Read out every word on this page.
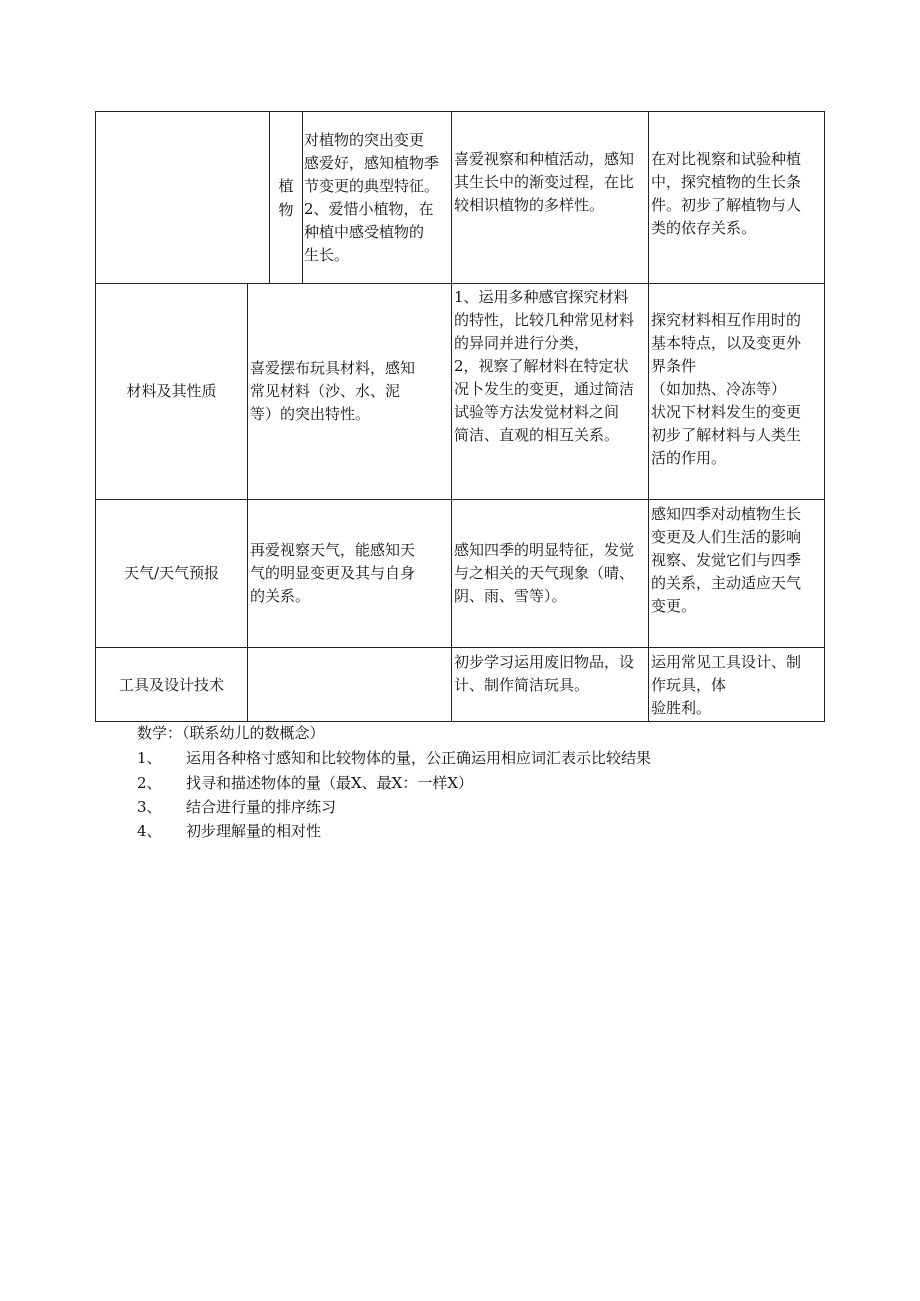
植
物
对植物的突出变更
感爱好，感知植物季
节变更的典型特征。
2、爱惜小植物，在
种植中感受植物的
生长。
喜爱视察和种植活动，感知
其生长中的渐变过程，在比
较相识植物的多样性。
在对比视察和试验种植
中，探究植物的生长条
件。初步了解植物与人
类的依存关系。
材料及其性质
喜爱摆布玩具材料，感知
常见材料（沙、水、泥
等）的突出特性。
1、运用多种感官探究材料
的特性，比较几种常见材料
的异同并进行分类，
2，视察了解材料在特定状
况卜发生的变更，通过简洁
试验等方法发觉材料之间
简洁、直观的相互关系。
探究材料相互作用时的
基本特点，以及变更外
界条件
（如加热、冷冻等）
状况下材料发生的变更
初步了解材料与人类生
活的作用。
天气/天气预报
再爱视察天气，能感知天
气的明显变更及其与自身
的关系。
感知四季的明显特征，发觉
与之相关的天气现象（晴、
阴、雨、雪等）。
感知四季对动植物生长
变更及人们生活的影响
视察、发觉它们与四季
的关系，主动适应天气
变更。
工具及设计技术
初步学习运用废旧物品，设
计、制作简洁玩具。
运用常见工具设计、制
作玩具，体
验胜利。
数学：（联系幼儿的数概念）
1、 运用各种格寸感知和比较物体的量，公正确运用相应词汇表示比较结果
2、 找寻和描述物体的量（最X、最X：一样X）
3、 结合进行量的排序练习
4、 初步理解量的相对性
